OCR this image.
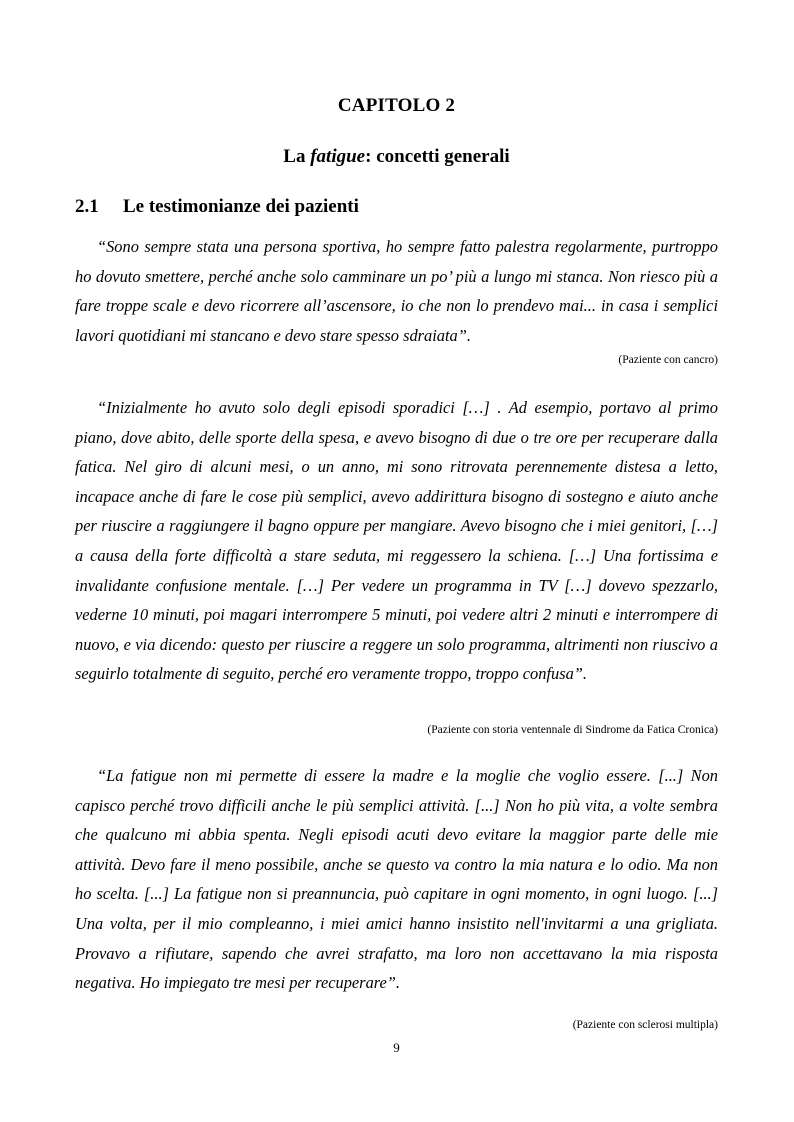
CAPITOLO 2
La fatigue: concetti generali
2.1 Le testimonianze dei pazienti

“Sono sempre stata una persona sportiva, ho sempre fatto palestra regolarmente, purtroppo ho dovuto smettere, perché anche solo camminare un po’ più a lungo mi stanca. Non riesco più a fare troppe scale e devo ricorrere all’ascensore, io che non lo prendevo mai... in casa i semplici lavori quotidiani mi stancano e devo stare spesso sdraiata”.

(Paziente con cancro)

“Inizialmente ho avuto solo degli episodi sporadici […] . Ad esempio, portavo al primo piano, dove abito, delle sporte della spesa, e avevo bisogno di due o tre ore per recuperare dalla fatica. Nel giro di alcuni mesi, o un anno, mi sono ritrovata perennemente distesa a letto, incapace anche di fare le cose più semplici, avevo addirittura bisogno di sostegno e aiuto anche per riuscire a raggiungere il bagno oppure per mangiare. Avevo bisogno che i miei genitori, […] a causa della forte difficoltà a stare seduta, mi reggessero la schiena. […] Una fortissima e invalidante confusione mentale. […] Per vedere un programma in TV […] dovevo spezzarlo, vederne 10 minuti, poi magari interrompere 5 minuti, poi vedere altri 2 minuti e interrompere di nuovo, e via dicendo: questo per riuscire a reggere un solo programma, altrimenti non riuscivo a seguirlo totalmente di seguito, perché ero veramente troppo, troppo confusa”.

(Paziente con storia ventennale di Sindrome da Fatica Cronica)

“La fatigue non mi permette di essere la madre e la moglie che voglio essere. [...] Non capisco perché trovo difficili anche le più semplici attività. [...] Non ho più vita, a volte sembra che qualcuno mi abbia spenta. Negli episodi acuti devo evitare la maggior parte delle mie attività. Devo fare il meno possibile, anche se questo va contro la mia natura e lo odio. Ma non ho scelta. [...] La fatigue non si preannuncia, può capitare in ogni momento, in ogni luogo. [...] Una volta, per il mio compleanno, i miei amici hanno insistito nell'invitarmi a una grigliata. Provavo a rifiutare, sapendo che avrei strafatto, ma loro non accettavano la mia risposta negativa. Ho impiegato tre mesi per recuperare”.

(Paziente con sclerosi multipla)
9
